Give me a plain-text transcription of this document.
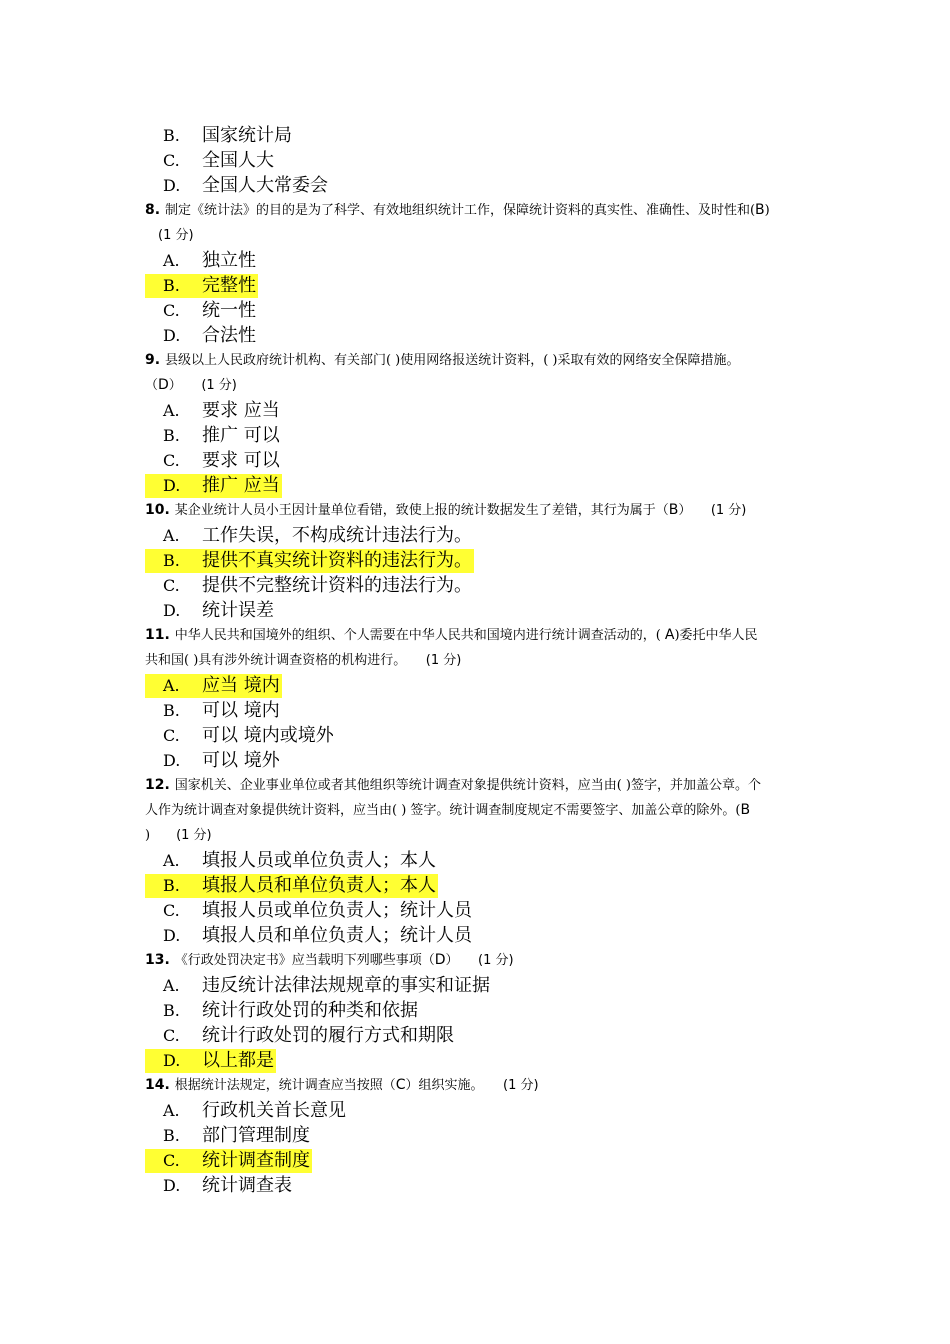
B. 国家统计局
C. 全国人大
D. 全国人大常委会
8. 制定《统计法》的目的是为了科学、有效地组织统计工作，保障统计资料的真实性、准确性、及时性和(B)
　(1 分)
A. 独立性
B. 完整性
C. 统一性
D. 合法性
9. 县级以上人民政府统计机构、有关部门( )使用网络报送统计资料，( )采取有效的网络安全保障措施。
（D）　　(1 分)
A. 要求 应当
B. 推广 可以
C. 要求 可以
D. 推广 应当
10. 某企业统计人员小王因计量单位看错，致使上报的统计数据发生了差错，其行为属于（B）　　(1 分)
A. 工作失误，不构成统计违法行为。
B. 提供不真实统计资料的违法行为。
C. 提供不完整统计资料的违法行为。
D. 统计误差
11. 中华人民共和国境外的组织、个人需要在中华人民共和国境内进行统计调查活动的，( A)委托中华人民
共和国( )具有涉外统计调查资格的机构进行。　　(1 分)
A. 应当 境内
B. 可以 境内
C. 可以 境内或境外
D. 可以 境外
12. 国家机关、企业事业单位或者其他组织等统计调查对象提供统计资料，应当由( )签字，并加盖公章。个
人作为统计调查对象提供统计资料，应当由( ) 签字。统计调查制度规定不需要签字、加盖公章的除外。(B
)　　(1 分)
A. 填报人员或单位负责人；本人
B. 填报人员和单位负责人；本人
C. 填报人员或单位负责人；统计人员
D. 填报人员和单位负责人；统计人员
13. 《行政处罚决定书》应当载明下列哪些事项（D）　　(1 分)
A. 违反统计法律法规规章的事实和证据
B. 统计行政处罚的种类和依据
C. 统计行政处罚的履行方式和期限
D. 以上都是
14. 根据统计法规定，统计调查应当按照（C）组织实施。　　(1 分)
A. 行政机关首长意见
B. 部门管理制度
C. 统计调查制度
D. 统计调查表
